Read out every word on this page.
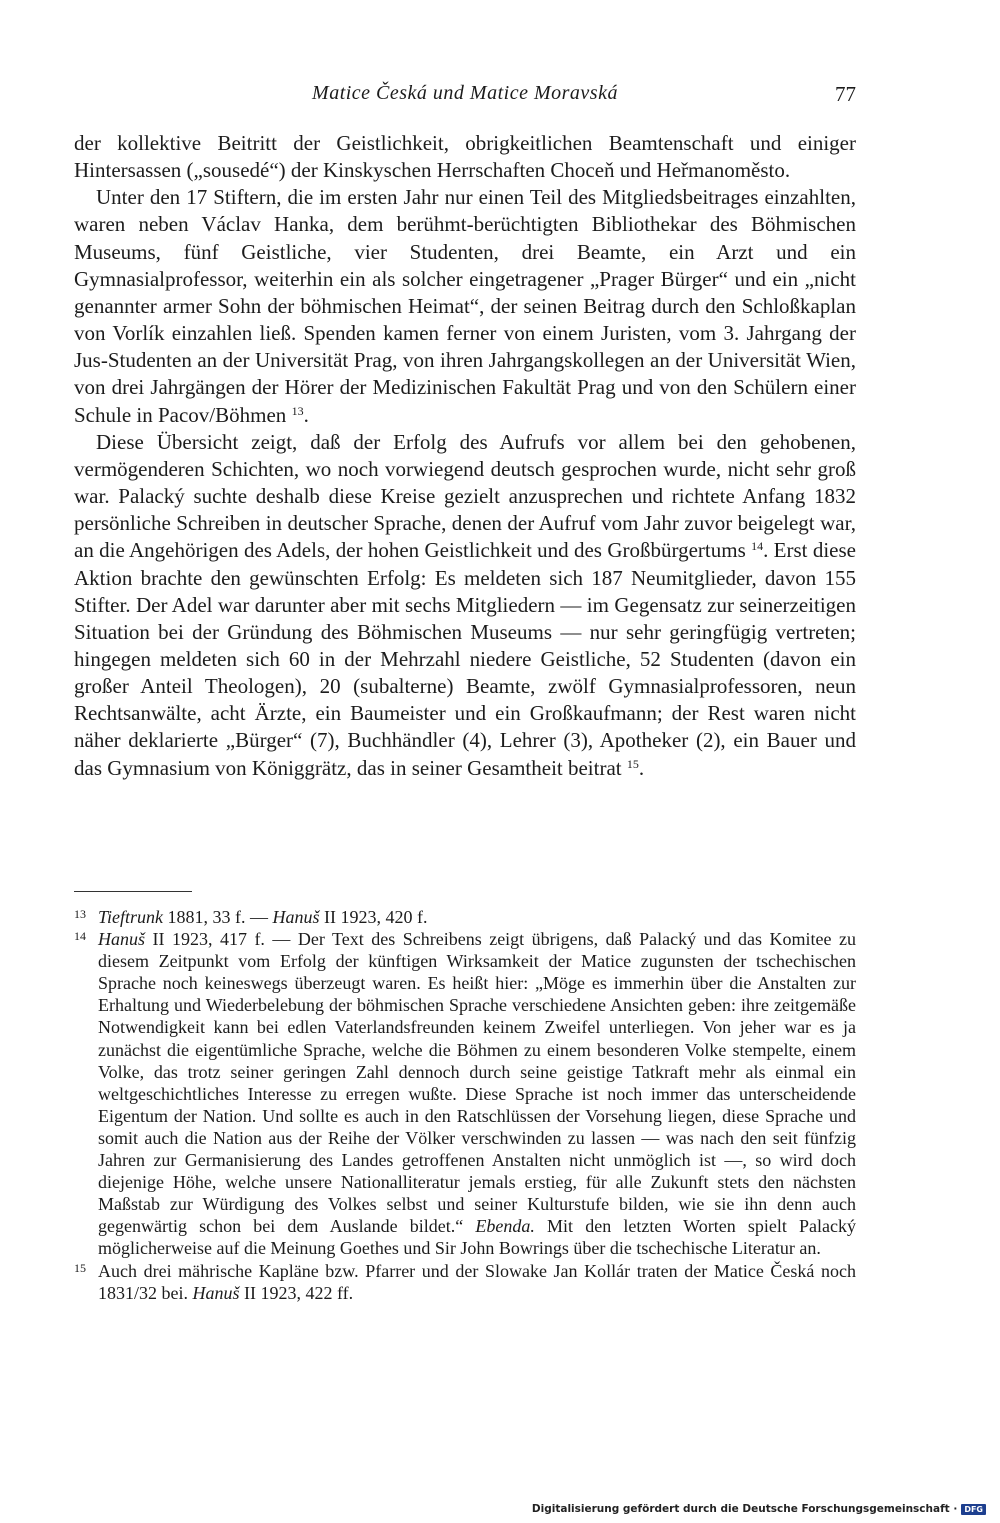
Matice Česká und Matice Moravská	77

der kollektive Beitritt der Geistlichkeit, obrigkeitlichen Beamtenschaft und einiger Hintersassen („sousedé“) der Kinskyschen Herrschaften Choceň und Heřmanoměsto.

Unter den 17 Stiftern, die im ersten Jahr nur einen Teil des Mitgliedsbeitrages einzahlten, waren neben Václav Hanka, dem berühmt-berüchtigten Bibliothekar des Böhmischen Museums, fünf Geistliche, vier Studenten, drei Beamte, ein Arzt und ein Gymnasialprofessor, weiterhin ein als solcher eingetragener „Prager Bürger“ und ein „nicht genannter armer Sohn der böhmischen Heimat“, der seinen Beitrag durch den Schloßkaplan von Vorlík einzahlen ließ. Spenden kamen ferner von einem Juristen, vom 3. Jahrgang der Jus-Studenten an der Universität Prag, von ihren Jahrgangskollegen an der Universität Wien, von drei Jahrgängen der Hörer der Medizinischen Fakultät Prag und von den Schülern einer Schule in Pacov/Böhmen $^{13}$.

Diese Übersicht zeigt, daß der Erfolg des Aufrufs vor allem bei den gehobenen, vermögenderen Schichten, wo noch vorwiegend deutsch gesprochen wurde, nicht sehr groß war. Palacký suchte deshalb diese Kreise gezielt anzusprechen und richtete Anfang 1832 persönliche Schreiben in deutscher Sprache, denen der Aufruf vom Jahr zuvor beigelegt war, an die Angehörigen des Adels, der hohen Geistlichkeit und des Großbürgertums $^{14}$. Erst diese Aktion brachte den gewünschten Erfolg: Es meldeten sich 187 Neumitglieder, davon 155 Stifter. Der Adel war darunter aber mit sechs Mitgliedern — im Gegensatz zur seinerzeitigen Situation bei der Gründung des Böhmischen Museums — nur sehr geringfügig vertreten; hingegen meldeten sich 60 in der Mehrzahl niedere Geistliche, 52 Studenten (davon ein großer Anteil Theologen), 20 (subalterne) Beamte, zwölf Gymnasialprofessoren, neun Rechtsanwälte, acht Ärzte, ein Baumeister und ein Großkaufmann; der Rest waren nicht näher deklarierte „Bürger“ (7), Buchhändler (4), Lehrer (3), Apotheker (2), ein Bauer und das Gymnasium von Königgrätz, das in seiner Gesamtheit beitrat $^{15}$.

13 Tieftrunk 1881, 33 f. — Hanuš II 1923, 420 f.

14 Hanuš II 1923, 417 f. — Der Text des Schreibens zeigt übrigens, daß Palacký und das Komitee zu diesem Zeitpunkt vom Erfolg der künftigen Wirksamkeit der Matice zugunsten der tschechischen Sprache noch keineswegs überzeugt waren. Es heißt hier: „Möge es immerhin über die Anstalten zur Erhaltung und Wiederbelebung der böhmischen Sprache verschiedene Ansichten geben: ihre zeitgemäße Notwendigkeit kann bei edlen Vaterlandsfreunden keinem Zweifel unterliegen. Von jeher war es ja zunächst die eigentümliche Sprache, welche die Böhmen zu einem besonderen Volke stempelte, einem Volke, das trotz seiner geringen Zahl dennoch durch seine geistige Tatkraft mehr als einmal ein weltgeschichtliches Interesse zu erregen wußte. Diese Sprache ist noch immer das unterscheidende Eigentum der Nation. Und sollte es auch in den Ratschlüssen der Vorsehung liegen, diese Sprache und somit auch die Nation aus der Reihe der Völker verschwinden zu lassen — was nach den seit fünfzig Jahren zur Germanisierung des Landes getroffenen Anstalten nicht unmöglich ist —, so wird doch diejenige Höhe, welche unsere Nationalliteratur jemals erstieg, für alle Zukunft stets den nächsten Maßstab zur Würdigung des Volkes selbst und seiner Kulturstufe bilden, wie sie ihn denn auch gegenwärtig schon bei dem Auslande bildet.“ Ebenda. Mit den letzten Worten spielt Palacký möglicherweise auf die Meinung Goethes und Sir John Bowrings über die tschechische Literatur an.

15 Auch drei mährische Kapläne bzw. Pfarrer und der Slowake Jan Kollár traten der Matice Česká noch 1831/32 bei. Hanuš II 1923, 422 ff.

Digitalisierung gefördert durch die Deutsche Forschungsgemeinschaft · DFG
